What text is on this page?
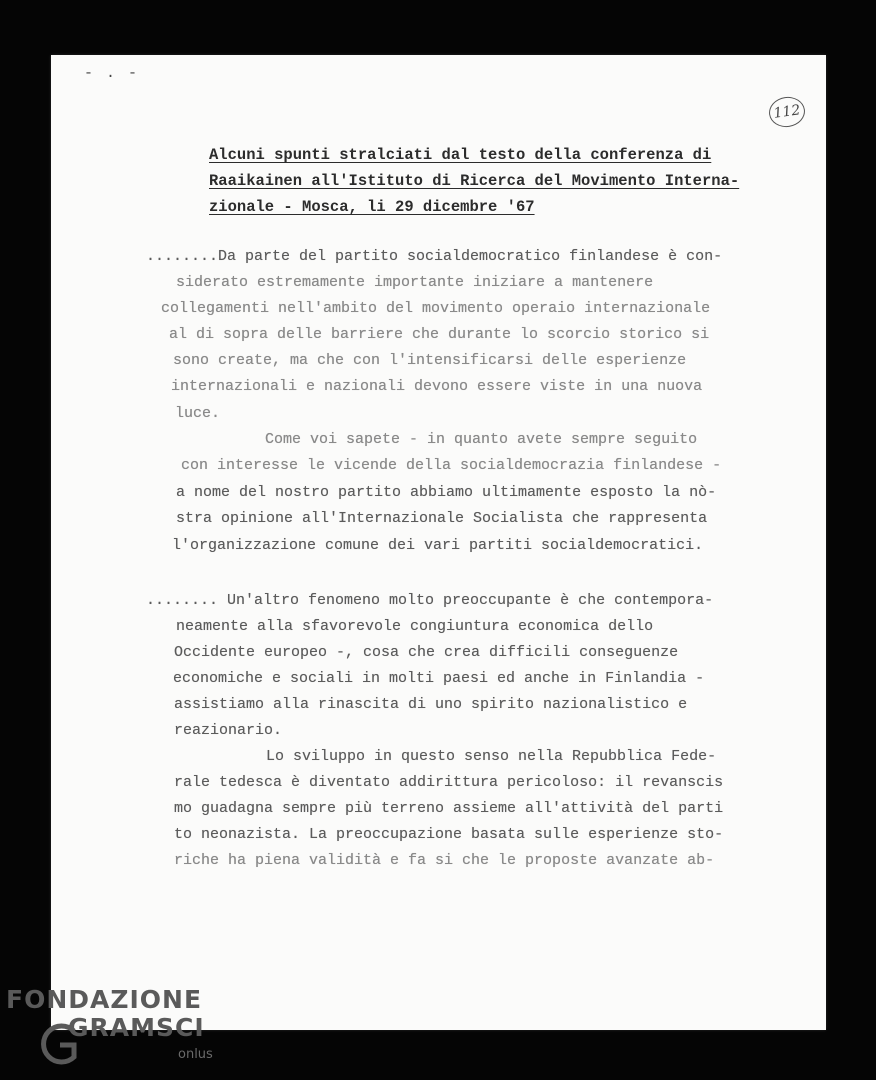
- . -
112
Alcuni spunti stralciati dal testo della conferenza di
Raaikainen all'Istituto di Ricerca del Movimento Interna-
zionale - Mosca, li 29 dicembre '67
........Da parte del partito socialdemocratico finlandese è con-
siderato estremamente importante iniziare a mantenere
collegamenti nell'ambito del movimento operaio internazionale
al di sopra delle barriere che durante lo scorcio storico si
sono create, ma che con l'intensificarsi delle esperienze
internazionali e nazionali devono essere viste in una nuova
luce.
Come voi sapete - in quanto avete sempre seguito
con interesse le vicende della socialdemocrazia finlandese -
a nome del nostro partito abbiamo ultimamente esposto la nò-
stra opinione all'Internazionale Socialista che rappresenta
l'organizzazione comune dei vari partiti socialdemocratici.
........ Un'altro fenomeno molto preoccupante è che contempora-
neamente alla sfavorevole congiuntura economica dello
Occidente europeo -, cosa che crea difficili conseguenze
economiche e sociali in molti paesi ed anche in Finlandia -
assistiamo alla rinascita di uno spirito nazionalistico e
reazionario.
Lo sviluppo in questo senso nella Repubblica Fede-
rale tedesca è diventato addirittura pericoloso: il revanscis
mo guadagna sempre più terreno assieme all'attività del parti
to neonazista. La preoccupazione basata sulle esperienze sto-
riche ha piena validità e fa si che le proposte avanzate ab-
FONDAZIONE
GRAMSCI
onlus
